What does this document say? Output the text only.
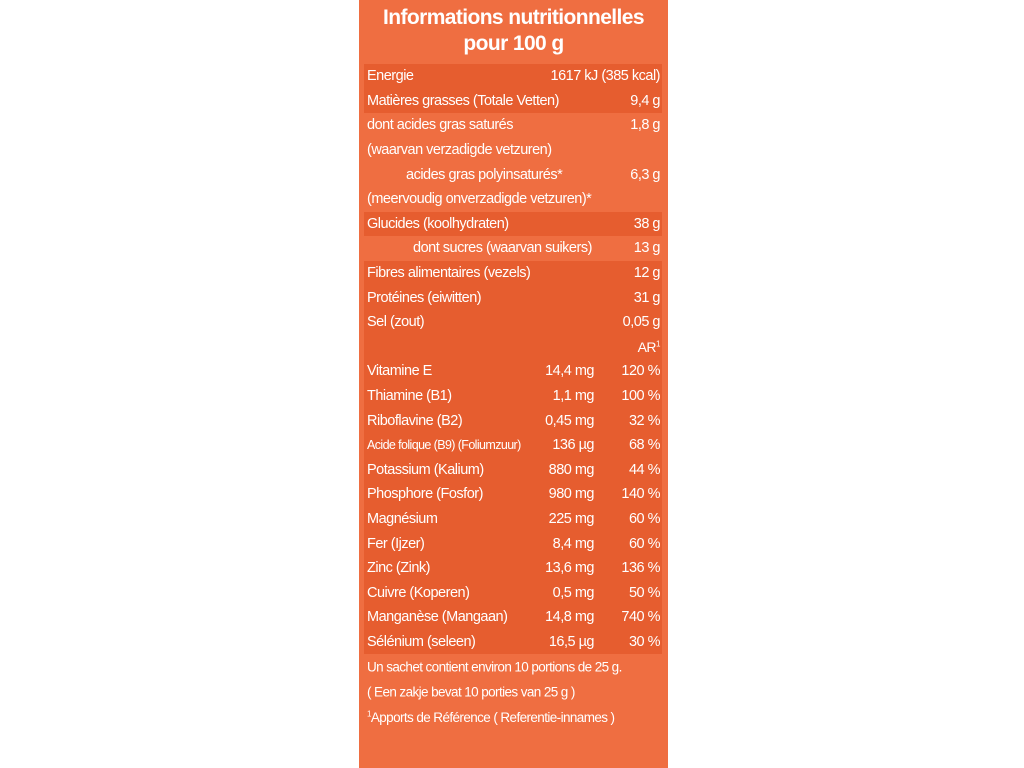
Informations nutritionnelles
pour 100 g
Energie	1617 kJ (385 kcal)
Matières grasses (Totale Vetten)	9,4 g
dont acides gras saturés	1,8 g
(waarvan verzadigde vetzuren)
acides gras polyinsaturés*	6,3 g
(meervoudig onverzadigde vetzuren)*
Glucides (koolhydraten)	38 g
dont sucres (waarvan suikers)	13 g
Fibres alimentaires (vezels)	12 g
Protéines (eiwitten)	31 g
Sel (zout)	0,05 g
$AR^1$
Vitamine E	14,4 mg 120 %
Thiamine (B1)	1,1 mg 100 %
Riboflavine (B2)	0,45 mg 32 %
Acide folique (B9) (Foliumzuur) 136 µg 68 %
Potassium (Kalium)	880 mg 44 %
Phosphore (Fosfor)	980 mg 140 %
Magnésium	225 mg 60 %
Fer (Ijzer)	8,4 mg 60 %
Zinc (Zink)	13,6 mg 136 %
Cuivre (Koperen)	0,5 mg 50 %
Manganèse (Mangaan)	14,8 mg 740 %
Sélénium (seleen)	16,5 µg 30 %
Un sachet contient environ 10 portions de 25 g.
( Een zakje bevat 10 porties van 25 g )
$^1$Apports de Référence ( Referentie-innames )
